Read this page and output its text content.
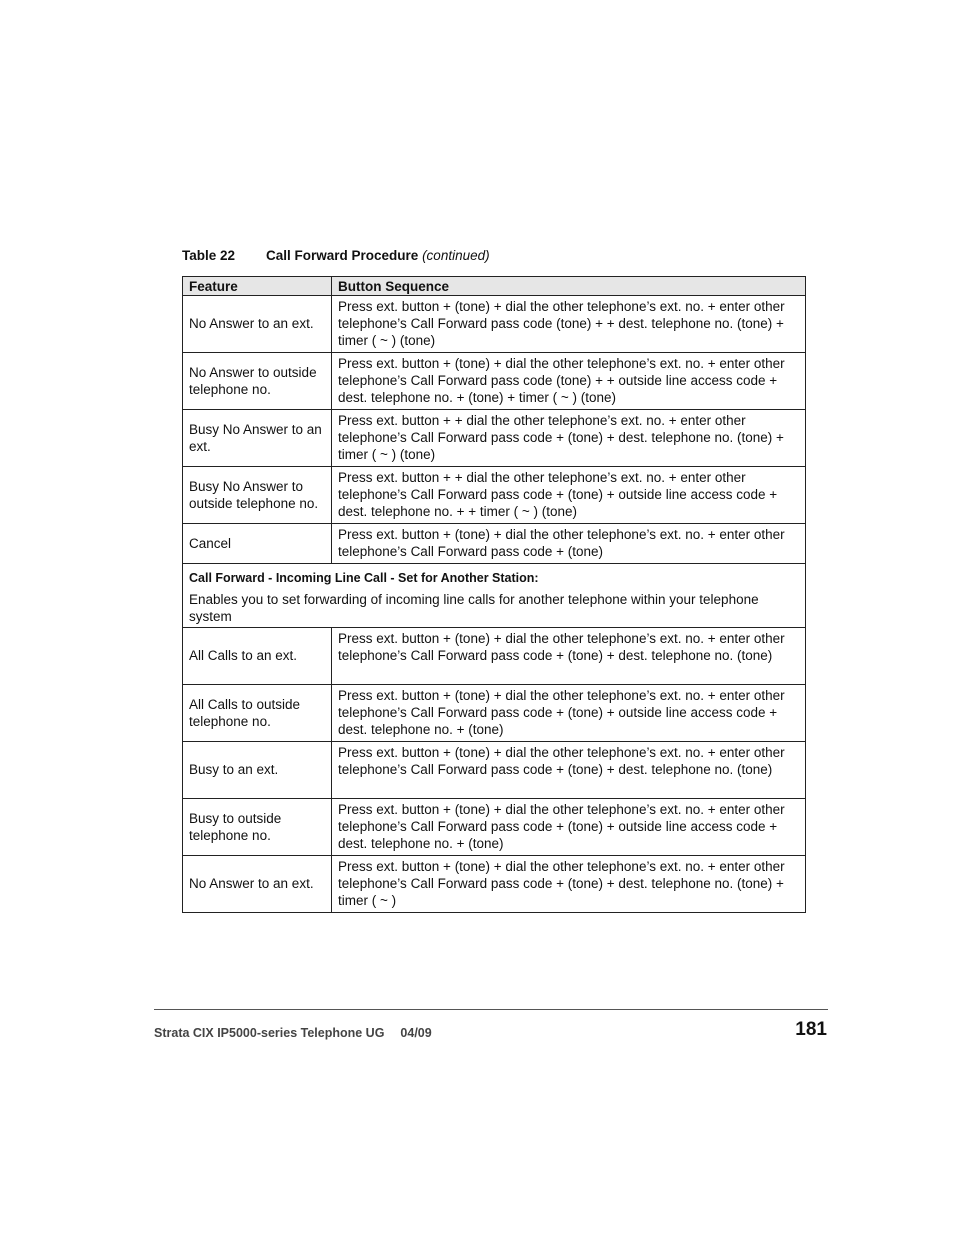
Table 22 Call Forward Procedure (continued)
Feature	Button Sequence
No Answer to an ext.	Press ext. button + (tone) + dial the other telephone’s ext. no. + enter other telephone’s Call Forward pass code (tone) + + dest. telephone no. (tone) + timer ( ~ ) (tone)
No Answer to outside telephone no.	Press ext. button + (tone) + dial the other telephone’s ext. no. + enter other telephone’s Call Forward pass code (tone) + + outside line access code + dest. telephone no. + (tone) + timer ( ~ ) (tone)
Busy No Answer to an ext.	Press ext. button + + dial the other telephone’s ext. no. + enter other telephone’s Call Forward pass code + (tone) + dest. telephone no. (tone) + timer ( ~ ) (tone)
Busy No Answer to outside telephone no.	Press ext. button + + dial the other telephone’s ext. no. + enter other telephone’s Call Forward pass code + (tone) + outside line access code + dest. telephone no. + + timer ( ~ ) (tone)
Cancel	Press ext. button + (tone) + dial the other telephone’s ext. no. + enter other telephone’s Call Forward pass code + (tone)

Call Forward - Incoming Line Call - Set for Another Station:
Enables you to set forwarding of incoming line calls for another telephone within your telephone system	

All Calls to an ext.	Press ext. button + (tone) + dial the other telephone’s ext. no. + enter other telephone’s Call Forward pass code + (tone) + dest. telephone no. (tone)
All Calls to outside telephone no.	Press ext. button + (tone) + dial the other telephone’s ext. no. + enter other telephone’s Call Forward pass code + (tone) + outside line access code + dest. telephone no. + (tone)
Busy to an ext.	Press ext. button + (tone) + dial the other telephone’s ext. no. + enter other telephone’s Call Forward pass code + (tone) + dest. telephone no. (tone)
Busy to outside telephone no.	Press ext. button + (tone) + dial the other telephone’s ext. no. + enter other telephone’s Call Forward pass code + (tone) + outside line access code + dest. telephone no. + (tone)
No Answer to an ext.	Press ext. button + (tone) + dial the other telephone’s ext. no. + enter other telephone’s Call Forward pass code + (tone) + dest. telephone no. (tone) + timer ( ~ )
Strata CIX IP5000-series Telephone UG 04/09	181
